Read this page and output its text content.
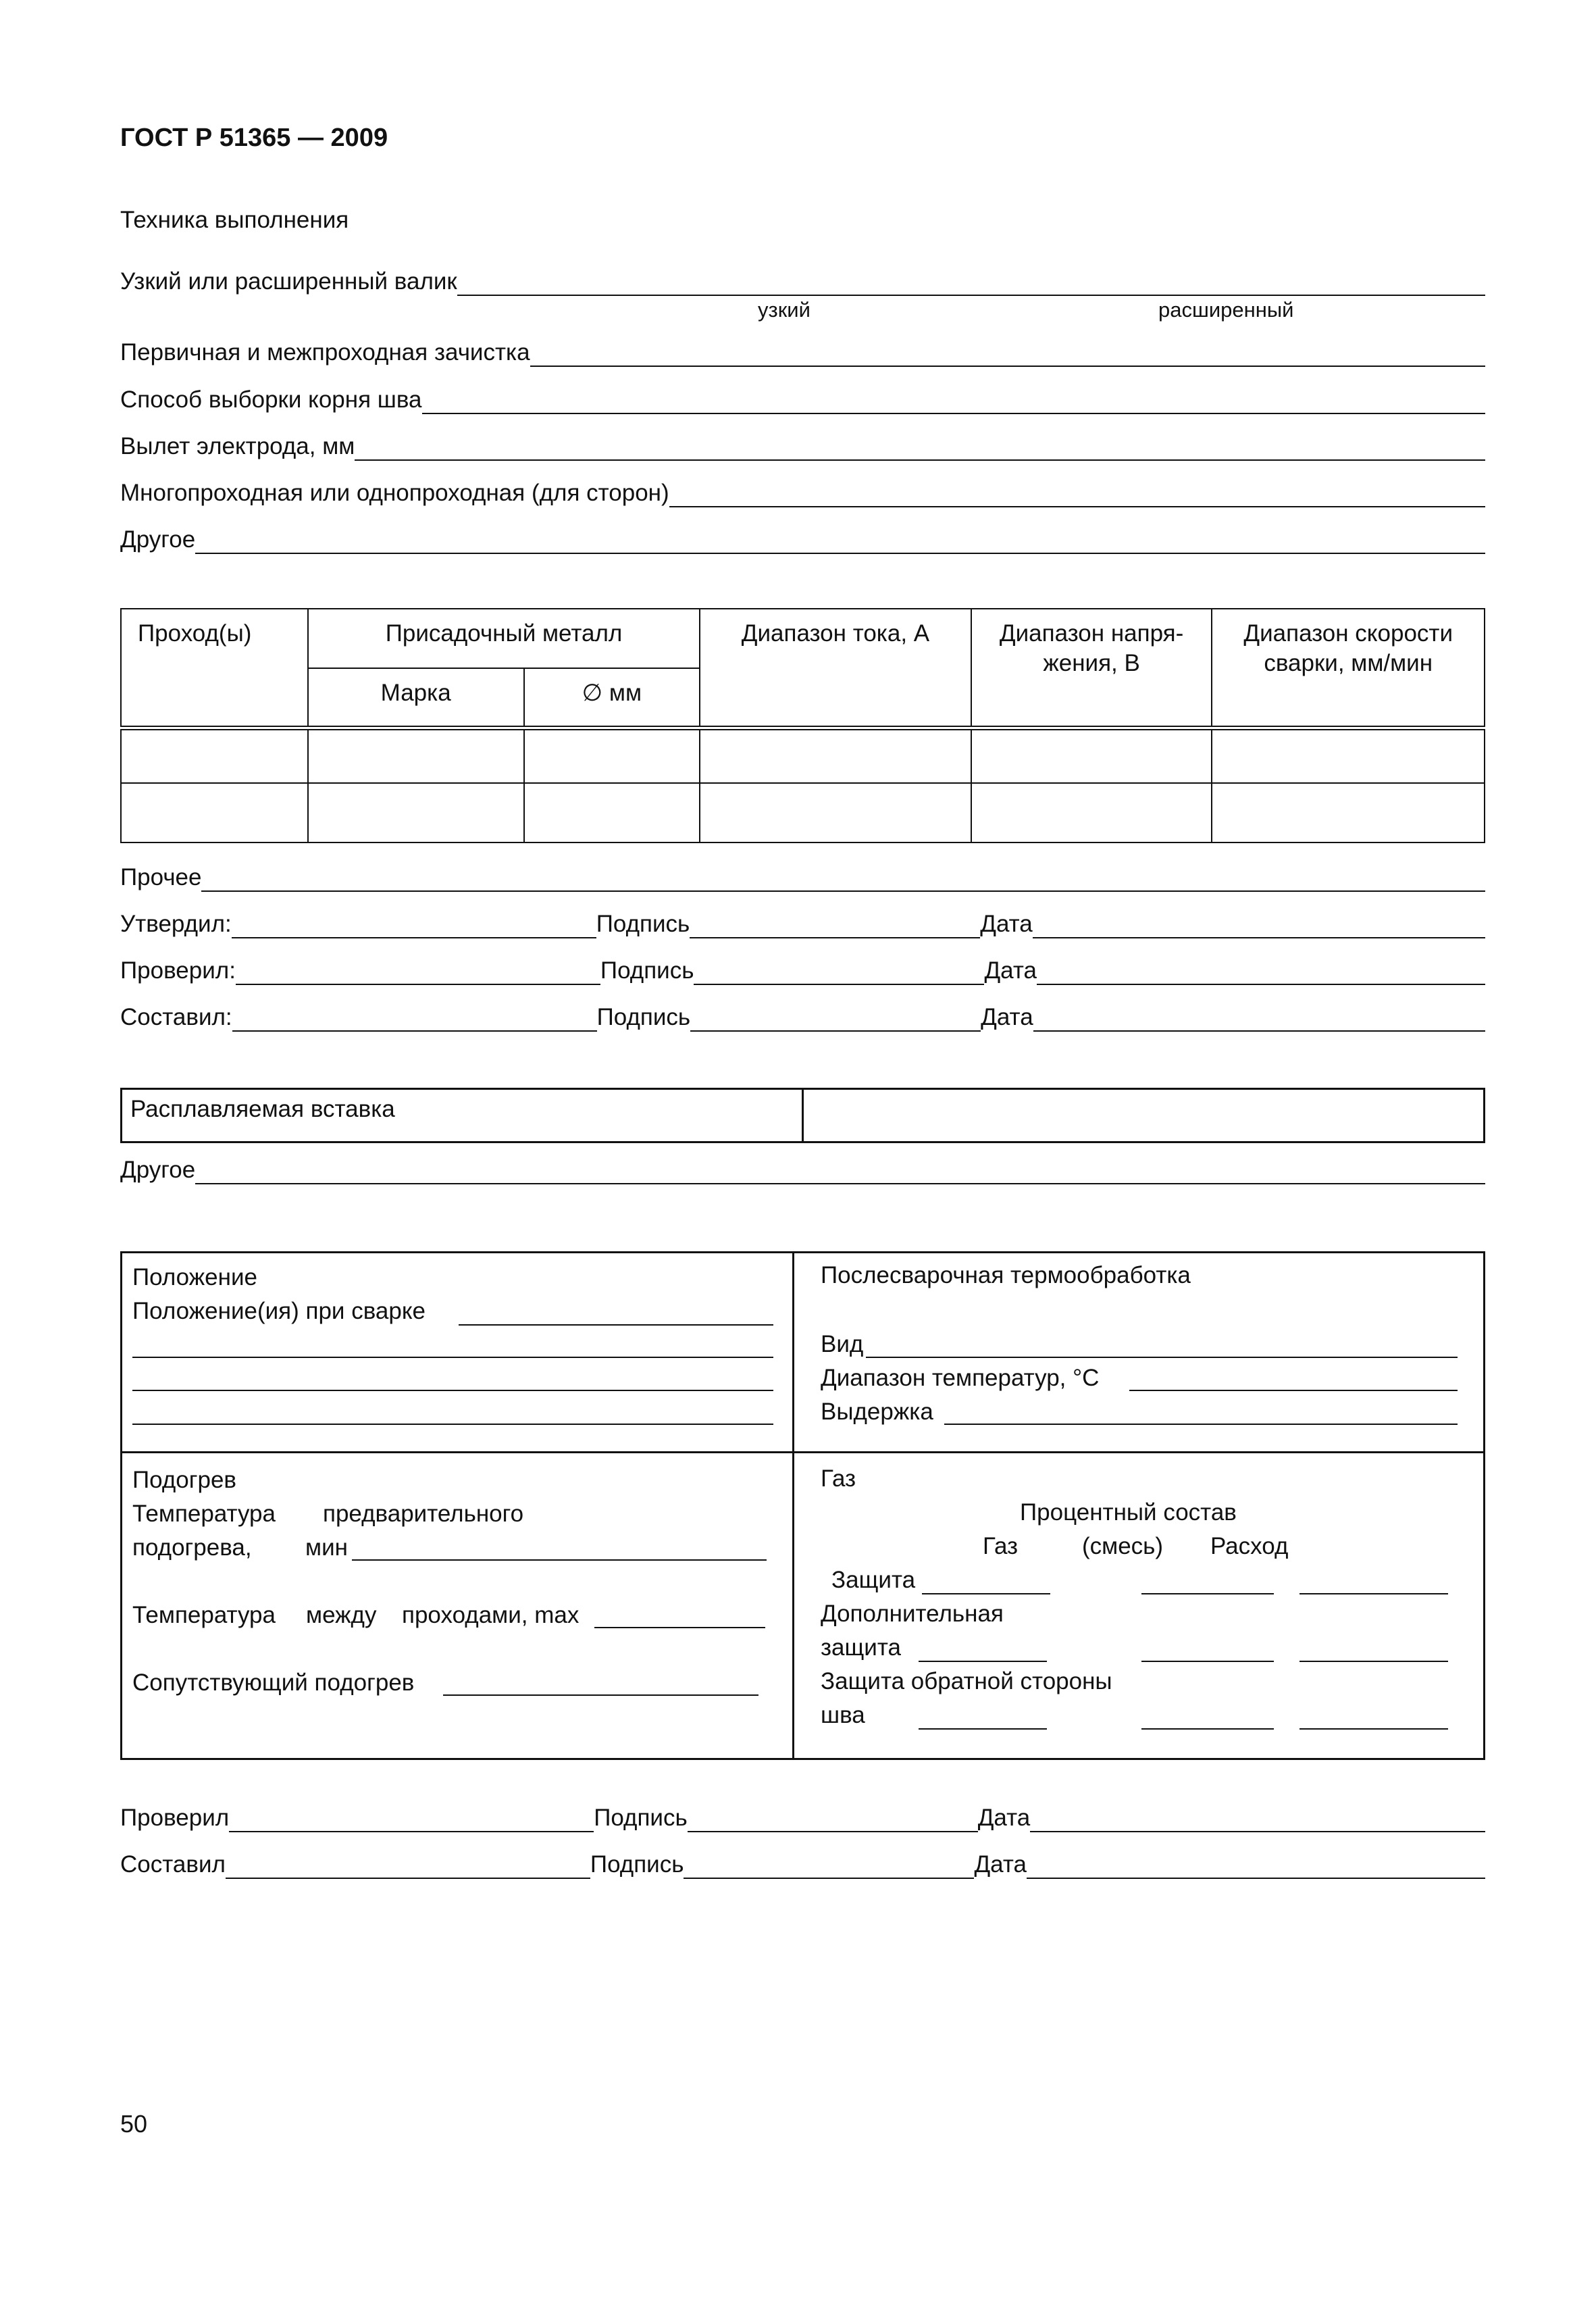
ГОСТ Р 51365 — 2009
Техника выполнения
Узкий или расширенный валик
узкий	расширенный
Первичная и межпроходная зачистка
Способ выборки корня шва
Вылет электрода, мм
Многопроходная или однопроходная (для сторон)
Другое
Проход(ы)	Присадочный металл		Диапазон тока, А	Диапазон напря-жения, В	Диапазон скорости сварки, мм/мин
	Марка	∅ мм			

Прочее
Утвердил:	Подпись	Дата
Проверил:	Подпись	Дата
Составил:	Подпись	Дата
Расплавляемая вставка
Другое
Положение
Положение(ия) при сварке
Послесварочная термообработка
Вид
Диапазон температур, °С
Выдержка
Подогрев
Температура предварительного
подогрева, мин
Температура между проходами, max
Сопутствующий подогрев
Газ
Процентный состав
Газ	(смесь) Расход
Защита
Дополнительная
защита
Защита обратной стороны
шва
Проверил	Подпись	Дата
Составил	Подпись	Дата
50
